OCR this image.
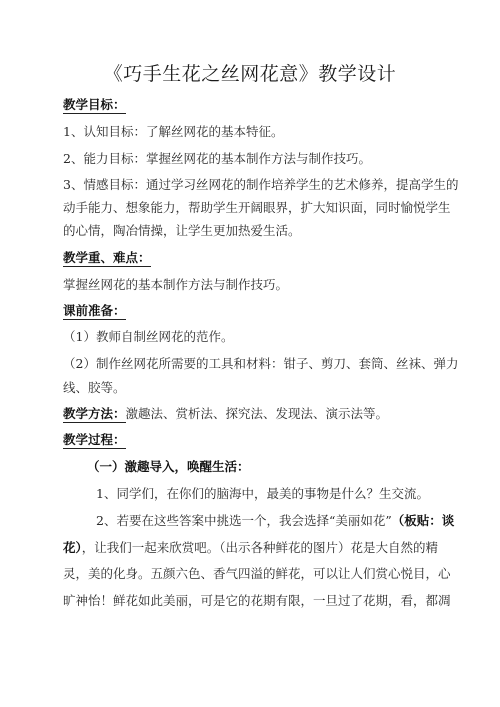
《巧手生花之丝网花意》教学设计
教学目标：
1、认知目标：了解丝网花的基本特征。
2、能力目标：掌握丝网花的基本制作方法与制作技巧。
3、情感目标：通过学习丝网花的制作培养学生的艺术修养，提高学生的
动手能力、想象能力，帮助学生开阔眼界，扩大知识面，同时愉悦学生
的心情，陶冶情操，让学生更加热爱生活。
教学重、难点：
掌握丝网花的基本制作方法与制作技巧。
课前准备：
（1）教师自制丝网花的范作。
（2）制作丝网花所需要的工具和材料：钳子、剪刀、套筒、丝袜、弹力
线、胶等。
教学方法：激趣法、赏析法、探究法、发现法、演示法等。
教学过程：
（一）激趣导入，唤醒生活：
1、同学们，在你们的脑海中，最美的事物是什么？生交流。
2、若要在这些答案中挑选一个，我会选择“美丽如花”（板贴：谈
花），让我们一起来欣赏吧。（出示各种鲜花的图片）花是大自然的精
灵，美的化身。五颜六色、香气四溢的鲜花，可以让人们赏心悦目，心
旷神怡！鲜花如此美丽，可是它的花期有限，一旦过了花期，看，都凋
